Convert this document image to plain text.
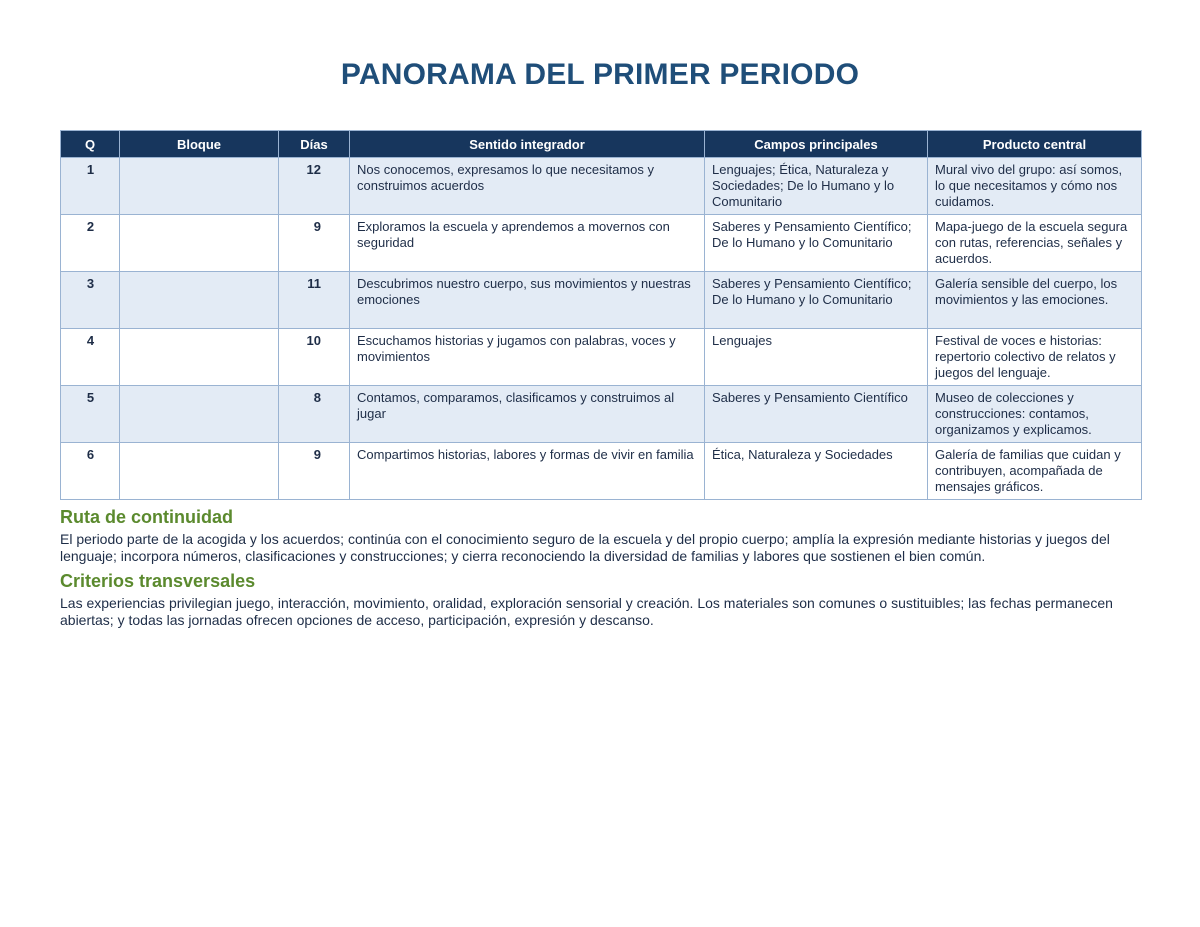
PANORAMA DEL PRIMER PERIODO
Q	Bloque	Días	Sentido integrador	Campos principales	Producto central
1		12	Nos conocemos, expresamos lo que necesitamos y construimos acuerdos	Lenguajes; Ética, Naturaleza y Sociedades; De lo Humano y lo Comunitario	Mural vivo del grupo: así somos, lo que necesitamos y cómo nos cuidamos.
2		9	Exploramos la escuela y aprendemos a movernos con seguridad	Saberes y Pensamiento Científico; De lo Humano y lo Comunitario	Mapa-juego de la escuela segura con rutas, referencias, señales y acuerdos.
3		11	Descubrimos nuestro cuerpo, sus movimientos y nuestras emociones	Saberes y Pensamiento Científico; De lo Humano y lo Comunitario	Galería sensible del cuerpo, los movimientos y las emociones.
4		10	Escuchamos historias y jugamos con palabras, voces y movimientos	Lenguajes	Festival de voces e historias: repertorio colectivo de relatos y juegos del lenguaje.
5		8	Contamos, comparamos, clasificamos y construimos al jugar	Saberes y Pensamiento Científico	Museo de colecciones y construcciones: contamos, organizamos y explicamos.
6		9	Compartimos historias, labores y formas de vivir en familia	Ética, Naturaleza y Sociedades	Galería de familias que cuidan y contribuyen, acompañada de mensajes gráficos.
Ruta de continuidad
El periodo parte de la acogida y los acuerdos; continúa con el conocimiento seguro de la escuela y del propio cuerpo; amplía la expresión mediante historias y juegos del lenguaje; incorpora números, clasificaciones y construcciones; y cierra reconociendo la diversidad de familias y labores que sostienen el bien común.
Criterios transversales
Las experiencias privilegian juego, interacción, movimiento, oralidad, exploración sensorial y creación. Los materiales son comunes o sustituibles; las fechas permanecen abiertas; y todas las jornadas ofrecen opciones de acceso, participación, expresión y descanso.
